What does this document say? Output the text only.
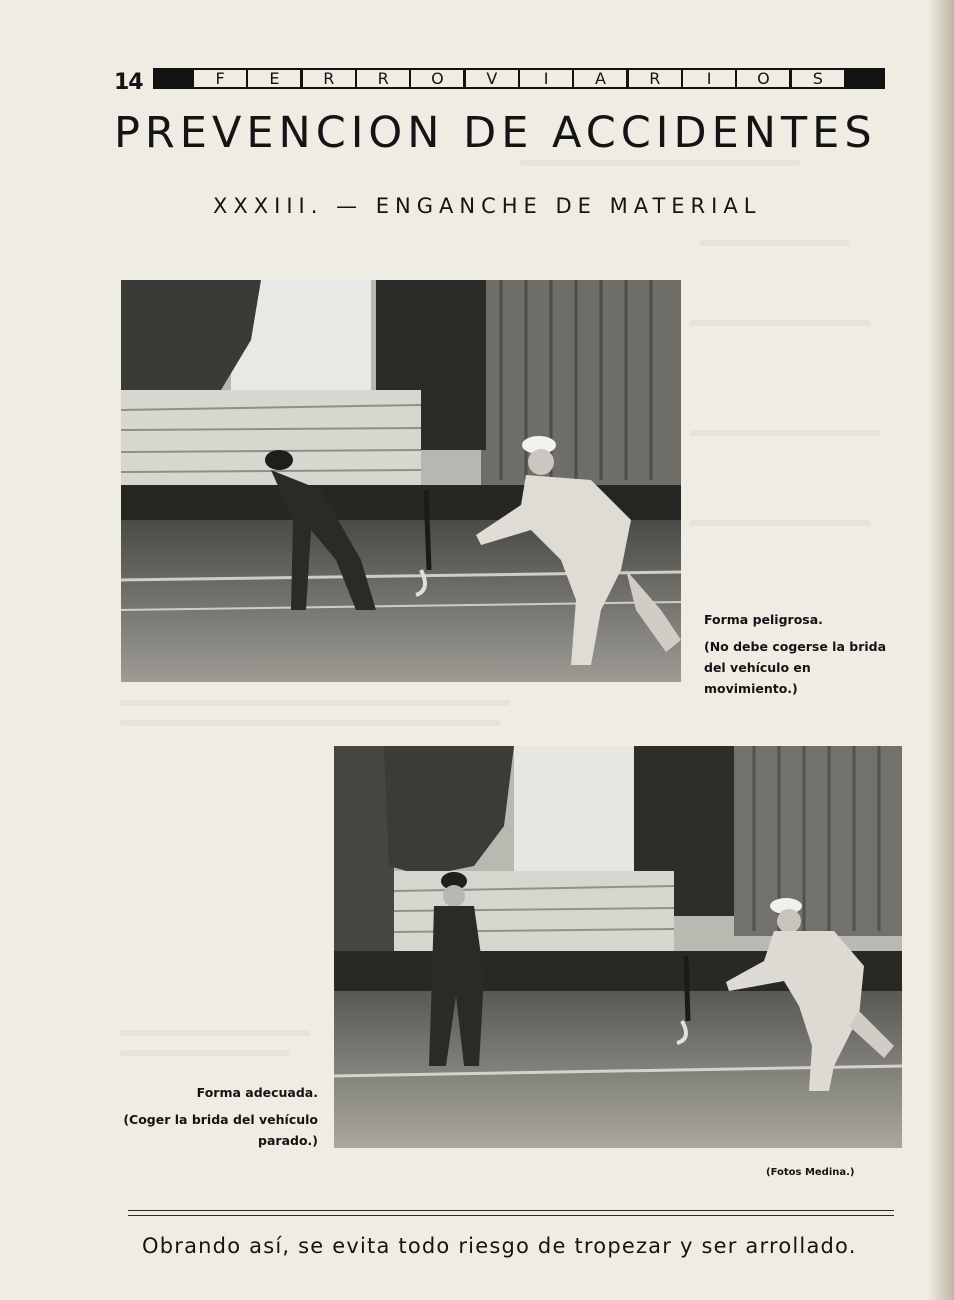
14	F	E	R	R	O	V	I	A	R	I	O	S
PREVENCION DE ACCIDENTES
XXXIII. — ENGANCHE DE MATERIAL
Forma peligrosa.
(No debe cogerse la brida del vehículo en movimiento.)
Forma adecuada.
(Coger la brida del vehículo parado.)
(Fotos Medina.)
Obrando así, se evita todo riesgo de tropezar y ser arrollado.
